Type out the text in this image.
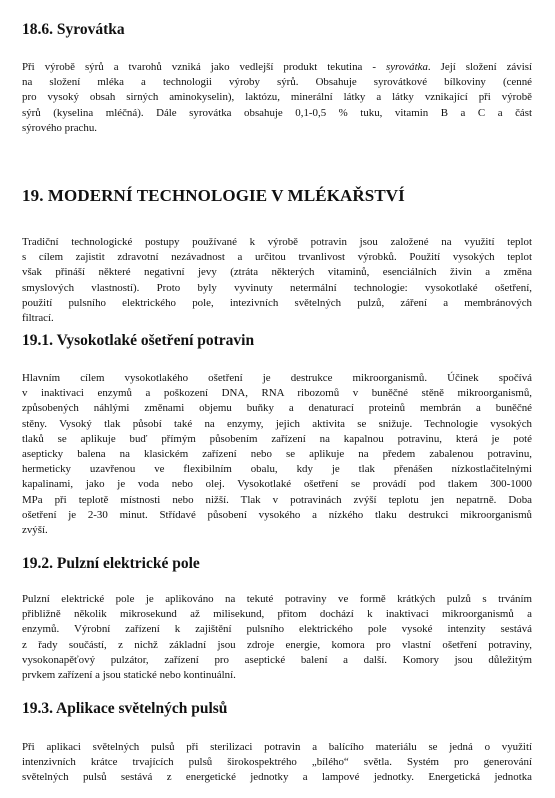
18.6. Syrovátka
Při výrobě sýrů a tvarohů vzniká jako vedlejší produkt tekutina - syrovátka. Její složení závisí
na složení mléka a technologii výroby sýrů. Obsahuje syrovátkové bílkoviny (cenné
pro vysoký obsah sirných aminokyselin), laktózu, minerální látky a látky vznikající při výrobě
sýrů (kyselina mléčná). Dále syrovátka obsahuje 0,1-0,5 % tuku, vitamin B a C a část
sýrového prachu.
19. MODERNÍ TECHNOLOGIE V MLÉKAŘSTVÍ
Tradiční technologické postupy používané k výrobě potravin jsou založené na využití teplot
s cílem zajistit zdravotní nezávadnost a určitou trvanlivost výrobků. Použití vysokých teplot
však přináší některé negativní jevy (ztráta některých vitaminů, esenciálních živin a změna
smyslových vlastností). Proto byly vyvinuty netermální technologie: vysokotlaké ošetření,
použití pulsního elektrického pole, intezivních světelných pulzů, záření a membránových
filtrací.
19.1. Vysokotlaké ošetření potravin
Hlavním cílem vysokotlakého ošetření je destrukce mikroorganismů. Účinek spočívá
v inaktivaci enzymů a poškození DNA, RNA ribozomů v buněčné stěně mikroorganismů,
způsobených náhlými změnami objemu buňky a denaturací proteinů membrán a buněčné
stěny. Vysoký tlak působí také na enzymy, jejich aktivita se snižuje. Technologie vysokých
tlaků se aplikuje buď přímým působením zařízení na kapalnou potravinu, která je poté
asepticky balena na klasickém zařízení nebo se aplikuje na předem zabalenou potravinu,
hermeticky uzavřenou ve flexibilním obalu, kdy je tlak přenášen nízkostlačitelnými
kapalinami, jako je voda nebo olej. Vysokotlaké ošetření se provádí pod tlakem 300-1000
MPa při teplotě místnosti nebo nižší. Tlak v potravinách zvýší teplotu jen nepatrně. Doba
ošetření je 2-30 minut. Střídavé působení vysokého a nízkého tlaku destrukci mikroorganismů
zvýší.
19.2. Pulzní elektrické pole
Pulzní elektrické pole je aplikováno na tekuté potraviny ve formě krátkých pulzů s trváním
přibližně několik mikrosekund až milisekund, přitom dochází k inaktivaci mikroorganismů a
enzymů. Výrobní zařízení k zajištění pulsního elektrického pole vysoké intenzity sestává
z řady součástí, z nichž základní jsou zdroje energie, komora pro vlastní ošetření potraviny,
vysokonapěťový pulzátor, zařízení pro aseptické balení a další. Komory jsou důležitým
prvkem zařízení a jsou statické nebo kontinuální.
19.3. Aplikace světelných pulsů
Při aplikaci světelných pulsů při sterilizaci potravin a balícího materiálu se jedná o využití
intenzivních krátce trvajících pulsů širokospektrého „bílého“ světla. Systém pro generování
světelných pulsů sestává z energetické jednotky a lampové jednotky. Energetická jednotka
